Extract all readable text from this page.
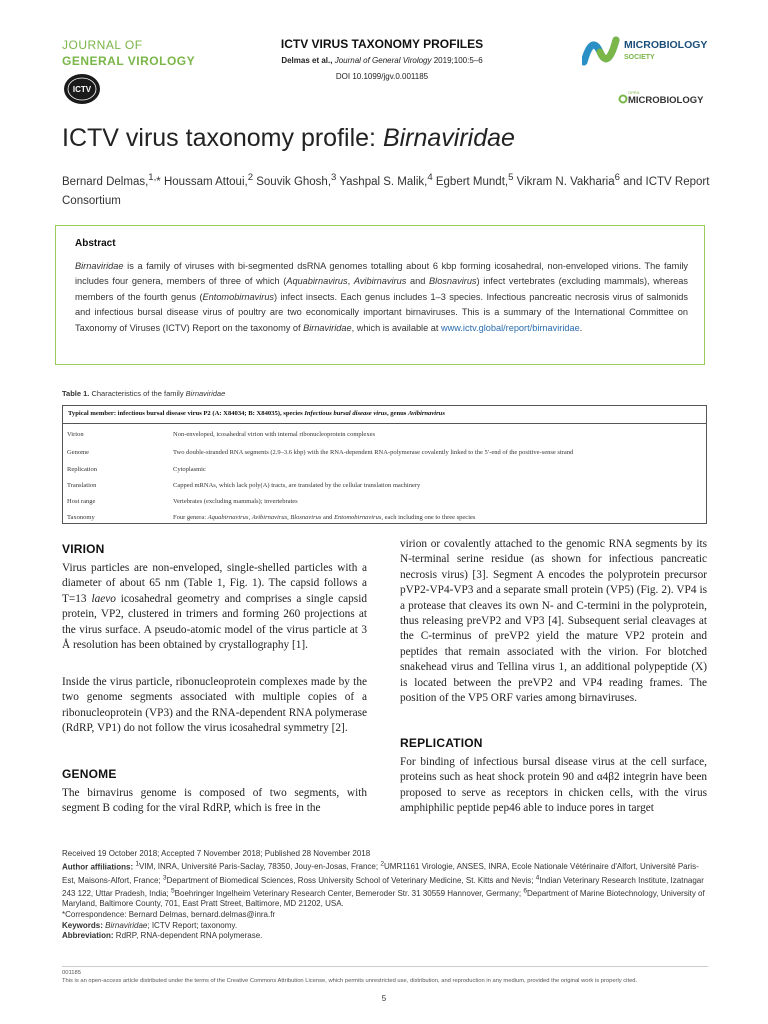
JOURNAL OF
GENERAL VIROLOGY
ICTV
ICTV VIRUS TAXONOMY PROFILES
Delmas et al., Journal of General Virology 2019;100:5–6
DOI 10.1099/jgv.0.001185
MICROBIOLOGY
SOCIETY
OPEN
MICROBIOLOGY
ICTV virus taxonomy profile: Birnaviridae
Bernard Delmas,$^{1,}$* Houssam Attoui,$^2$ Souvik Ghosh,$^3$ Yashpal S. Malik,$^4$ Egbert Mundt,$^5$ Vikram N. Vakharia$^6$ and ICTV Report Consortium
Abstract
Birnaviridae is a family of viruses with bi-segmented dsRNA genomes totalling about 6 kbp forming icosahedral, non-enveloped virions. The family includes four genera, members of three of which (Aquabirnavirus, Avibirnavirus and Blosnavirus) infect vertebrates (excluding mammals), whereas members of the fourth genus (Entomobirnavirus) infect insects. Each genus includes 1–3 species. Infectious pancreatic necrosis virus of salmonids and infectious bursal disease virus of poultry are two economically important birnaviruses. This is a summary of the International Committee on Taxonomy of Viruses (ICTV) Report on the taxonomy of Birnaviridae, which is available at www.ictv.global/report/birnaviridae.
Table 1. Characteristics of the family Birnaviridae
Typical member: infectious bursal disease virus P2 (A: X84034; B: X84035), species Infectious bursal disease virus, genus Avibirnavirus
Virion	Non-enveloped, icosahedral virion with internal ribonucleoprotein complexes
Genome	Two double-stranded RNA segments (2.9–3.6 kbp) with the RNA-dependent RNA-polymerase covalently linked to the 5′-end of the positive-sense strand
Replication	Cytoplasmic
Translation	Capped mRNAs, which lack poly(A) tracts, are translated by the cellular translation machinery
Host range	Vertebrates (excluding mammals); invertebrates
Taxonomy	Four genera: Aquabirnavirus, Avibirnavirus, Blosnavirus and Entomobirnavirus, each including one to three species
VIRION
Virus particles are non-enveloped, single-shelled particles with a diameter of about 65 nm (Table 1, Fig. 1). The capsid follows a T=13 laevo icosahedral geometry and comprises a single capsid protein, VP2, clustered in trimers and forming 260 projections at the virus surface. A pseudo-atomic model of the virus particle at 3 Å resolution has been obtained by crystallography [1].
Inside the virus particle, ribonucleoprotein complexes made by the two genome segments associated with multiple copies of a ribonucleoprotein (VP3) and the RNA-dependent RNA polymerase (RdRP, VP1) do not follow the virus icosahedral symmetry [2].
GENOME
The birnavirus genome is composed of two segments, with segment B coding for the viral RdRP, which is free in the
virion or covalently attached to the genomic RNA segments by its N-terminal serine residue (as shown for infectious pancreatic necrosis virus) [3]. Segment A encodes the polyprotein precursor pVP2-VP4-VP3 and a separate small protein (VP5) (Fig. 2). VP4 is a protease that cleaves its own N- and C-termini in the polyprotein, thus releasing preVP2 and VP3 [4]. Subsequent serial cleavages at the C-terminus of preVP2 yield the mature VP2 protein and peptides that remain associated with the virion. For blotched snakehead virus and Tellina virus 1, an additional polypeptide (X) is located between the preVP2 and VP4 reading frames. The position of the VP5 ORF varies among birnaviruses.
REPLICATION
For binding of infectious bursal disease virus at the cell surface, proteins such as heat shock protein 90 and α4β2 integrin have been proposed to serve as receptors in chicken cells, with the virus amphiphilic peptide pep46 able to induce pores in target
Received 19 October 2018; Accepted 7 November 2018; Published 28 November 2018
Author affiliations: $^1$VIM, INRA, Université Paris-Saclay, 78350, Jouy-en-Josas, France; $^2$UMR1161 Virologie, ANSES, INRA, Ecole Nationale Vétérinaire d'Alfort, Université Paris-Est, Maisons-Alfort, France; $^3$Department of Biomedical Sciences, Ross University School of Veterinary Medicine, St. Kitts and Nevis; $^4$Indian Veterinary Research Institute, Izatnagar 243 122, Uttar Pradesh, India; $^5$Boehringer Ingelheim Veterinary Research Center, Bemeroder Str. 31 30559 Hannover, Germany; $^6$Department of Marine Biotechnology, University of Maryland, Baltimore County, 701, East Pratt Street, Baltimore, MD 21202, USA.
*Correspondence: Bernard Delmas, bernard.delmas@inra.fr
Keywords: Birnaviridae; ICTV Report; taxonomy.
Abbreviation: RdRP, RNA-dependent RNA polymerase.
001185
This is an open-access article distributed under the terms of the Creative Commons Attribution License, which permits unrestricted use, distribution, and reproduction in any medium, provided the original work is properly cited.
5
